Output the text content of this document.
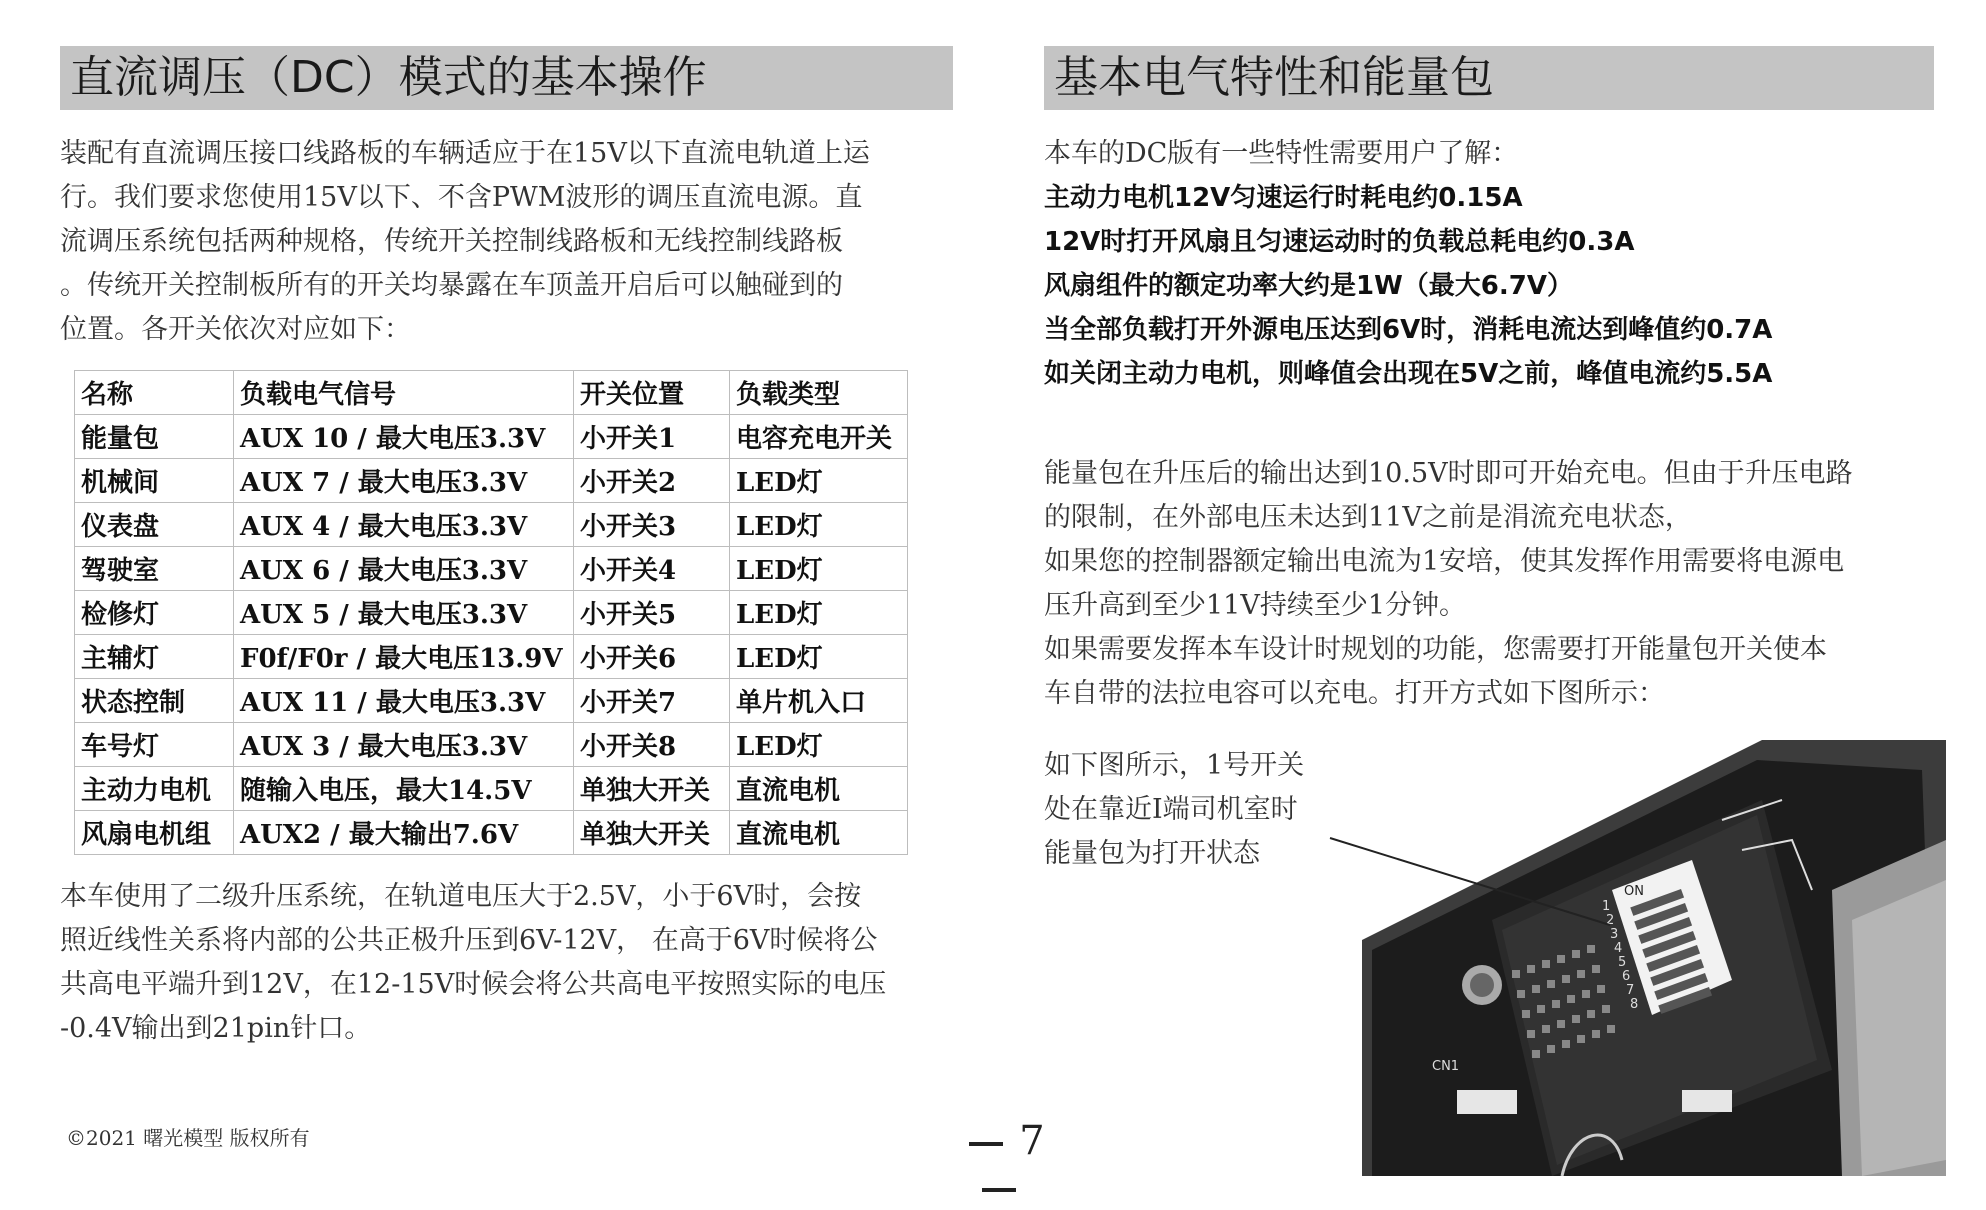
直流调压（DC）模式的基本操作

装配有直流调压接口线路板的车辆适应于在15V以下直流电轨道上运

行。我们要求您使用15V以下、不含PWM波形的调压直流电源。直

流调压系统包括两种规格，传统开关控制线路板和无线控制线路板

。传统开关控制板所有的开关均暴露在车顶盖开启后可以触碰到的

位置。各开关依次对应如下：

名称	负载电气信号	开关位置	负载类型
能量包	AUX 10 / 最大电压3.3V	小开关1	电容充电开关
机械间	AUX 7 / 最大电压3.3V	小开关2	LED灯
仪表盘	AUX 4 / 最大电压3.3V	小开关3	LED灯
驾驶室	AUX 6 / 最大电压3.3V	小开关4	LED灯
检修灯	AUX 5 / 最大电压3.3V	小开关5	LED灯
主辅灯	F0f/F0r / 最大电压13.9V	小开关6	LED灯
状态控制	AUX 11 / 最大电压3.3V	小开关7	单片机入口
车号灯	AUX 3 / 最大电压3.3V	小开关8	LED灯
主动力电机	随输入电压，最大14.5V	单独大开关	直流电机
风扇电机组	AUX2 / 最大输出7.6V	单独大开关	直流电机

本车使用了二级升压系统，在轨道电压大于2.5V，小于6V时，会按

照近线性关系将内部的公共正极升压到6V-12V， 在高于6V时候将公

共高电平端升到12V，在12-15V时候会将公共高电平按照实际的电压

-0.4V输出到21pin针口。

基本电气特性和能量包

本车的DC版有一些特性需要用户了解：

主动力电机12V匀速运行时耗电约0.15A

12V时打开风扇且匀速运动时的负载总耗电约0.3A

风扇组件的额定功率大约是1W（最大6.7V）

当全部负载打开外源电压达到6V时，消耗电流达到峰值约0.7A

如关闭主动力电机，则峰值会出现在5V之前，峰值电流约5.5A

能量包在升压后的输出达到10.5V时即可开始充电。但由于升压电路

的限制，在外部电压未达到11V之前是涓流充电状态，

如果您的控制器额定输出电流为1安培，使其发挥作用需要将电源电

压升高到至少11V持续至少1分钟。

如果需要发挥本车设计时规划的功能，您需要打开能量包开关使本

车自带的法拉电容可以充电。打开方式如下图所示：

如下图所示，1号开关

处在靠近I端司机室时

能量包为打开状态

ON
1
2
3
4
5
6
7
8
CN1
©2021 曙光模型 版权所有	7
